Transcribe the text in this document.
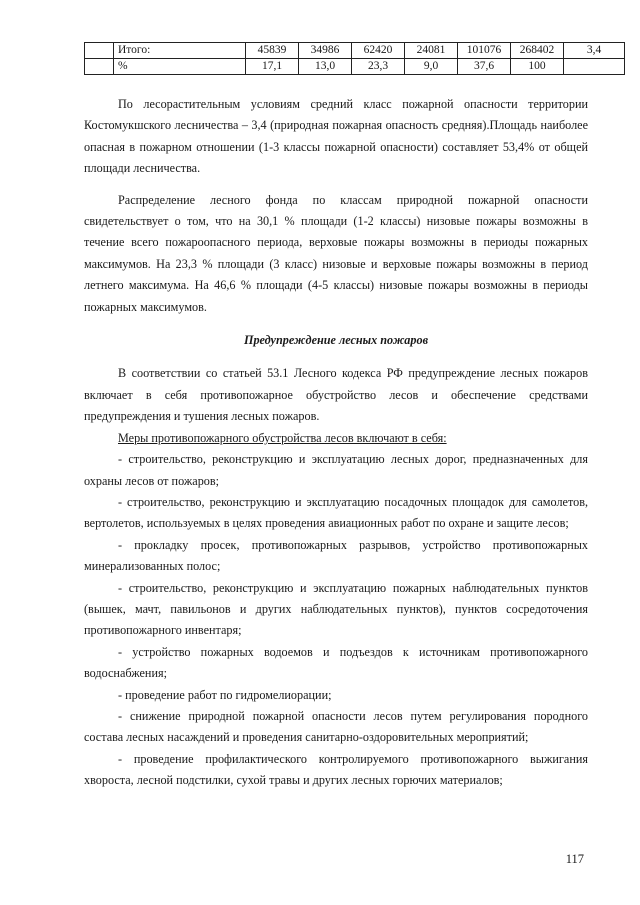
	Итого:	45839	34986	62420	24081	101076	268402	3,4
	%	17,1	13,0	23,3	9,0	37,6	100	

По лесорастительным условиям средний класс пожарной опасности территории Костомукшского лесничества – 3,4 (природная пожарная опасность средняя).Площадь наиболее опасная в пожарном отношении (1-3 классы пожарной опасности) составляет 53,4% от общей площади лесничества.

Распределение лесного фонда по классам природной пожарной опасности свидетельствует о том, что на 30,1 % площади (1-2 классы) низовые пожары возможны в течение всего пожароопасного периода, верховые пожары возможны в периоды пожарных максимумов. На 23,3 % площади (3 класс) низовые и верховые пожары возможны в период летнего максимума. На 46,6 % площади (4-5 классы) низовые пожары возможны в периоды пожарных максимумов.

Предупреждение лесных пожаров

В соответствии со статьей 53.1 Лесного кодекса РФ предупреждение лесных пожаров включает в себя противопожарное обустройство лесов и обеспечение средствами предупреждения и тушения лесных пожаров.

Меры противопожарного обустройства лесов включают в себя:

- строительство, реконструкцию и эксплуатацию лесных дорог, предназначенных для охраны лесов от пожаров;

- строительство, реконструкцию и эксплуатацию посадочных площадок для самолетов, вертолетов, используемых в целях проведения авиационных работ по охране и защите лесов;

- прокладку просек, противопожарных разрывов, устройство противопожарных минерализованных полос;

- строительство, реконструкцию и эксплуатацию пожарных наблюдательных пунктов (вышек, мачт, павильонов и других наблюдательных пунктов), пунктов сосредоточения противопожарного инвентаря;

- устройство пожарных водоемов и подъездов к источникам противопожарного водоснабжения;

- проведение работ по гидромелиорации;

- снижение природной пожарной опасности лесов путем регулирования породного состава лесных насаждений и проведения санитарно-оздоровительных мероприятий;

- проведение профилактического контролируемого противопожарного выжигания хвороста, лесной подстилки, сухой травы и других лесных горючих материалов;

117
